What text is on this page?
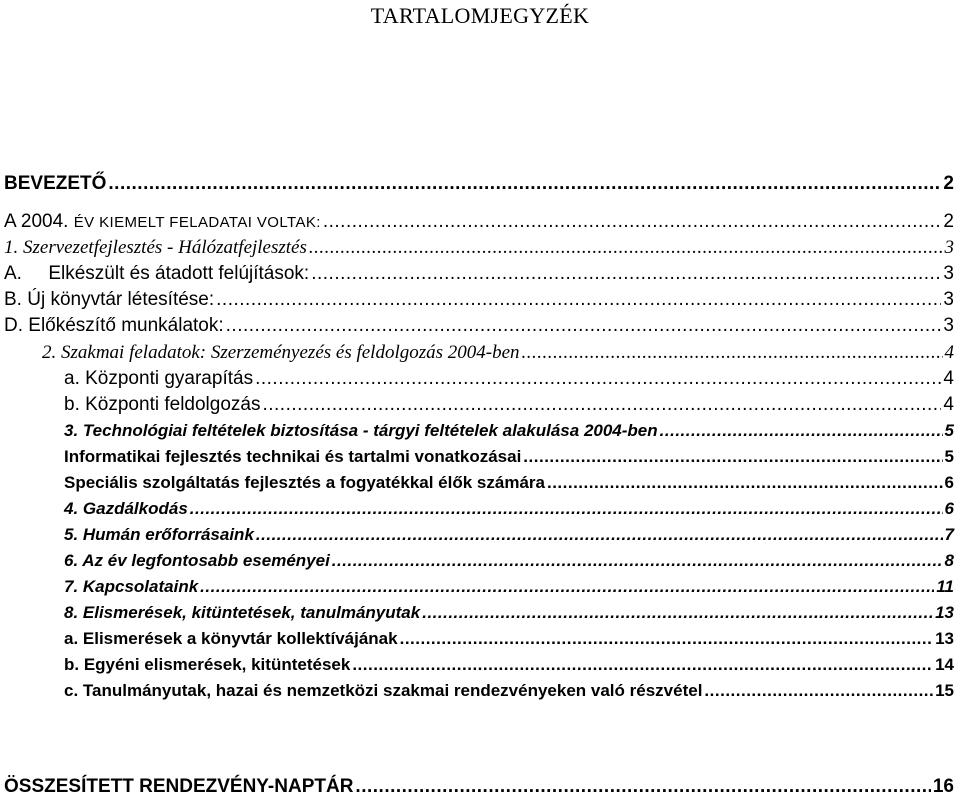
TARTALOMJEGYZÉK
BEVEZETŐ .....	2
A 2004. ÉV KIEMELT FELADATAI VOLTAK: .....	2
1. Szervezetfejlesztés - Hálózatfejlesztés .....	3
A.     Elkészült és átadott felújítások: .....	3
B. Új könyvtár létesítése: .....	3
D. Előkészítő munkálatok: .....	3
2. Szakmai feladatok: Szerzeményezés és feldolgozás 2004-ben .....	4
a. Központi gyarapítás .....	4
b. Központi feldolgozás .....	4
3. Technológiai feltételek biztosítása - tárgyi feltételek alakulása 2004-ben .....	5
Informatikai fejlesztés technikai és tartalmi vonatkozásai .....	5
Speciális szolgáltatás fejlesztés a fogyatékkal élők számára .....	6
4. Gazdálkodás .....	6
5. Humán erőforrásaink .....	7
6. Az év legfontosabb eseményei .....	8
7. Kapcsolataink .....	11
8. Elismerések, kitüntetések, tanulmányutak .....	13
a. Elismerések a könyvtár kollektívájának .....	13
b. Egyéni elismerések, kitüntetések .....	14
c. Tanulmányutak, hazai és nemzetközi szakmai rendezvényeken való részvétel .....	15
ÖSSZESÍTETT RENDEZVÉNY-NAPTÁR .....	16
